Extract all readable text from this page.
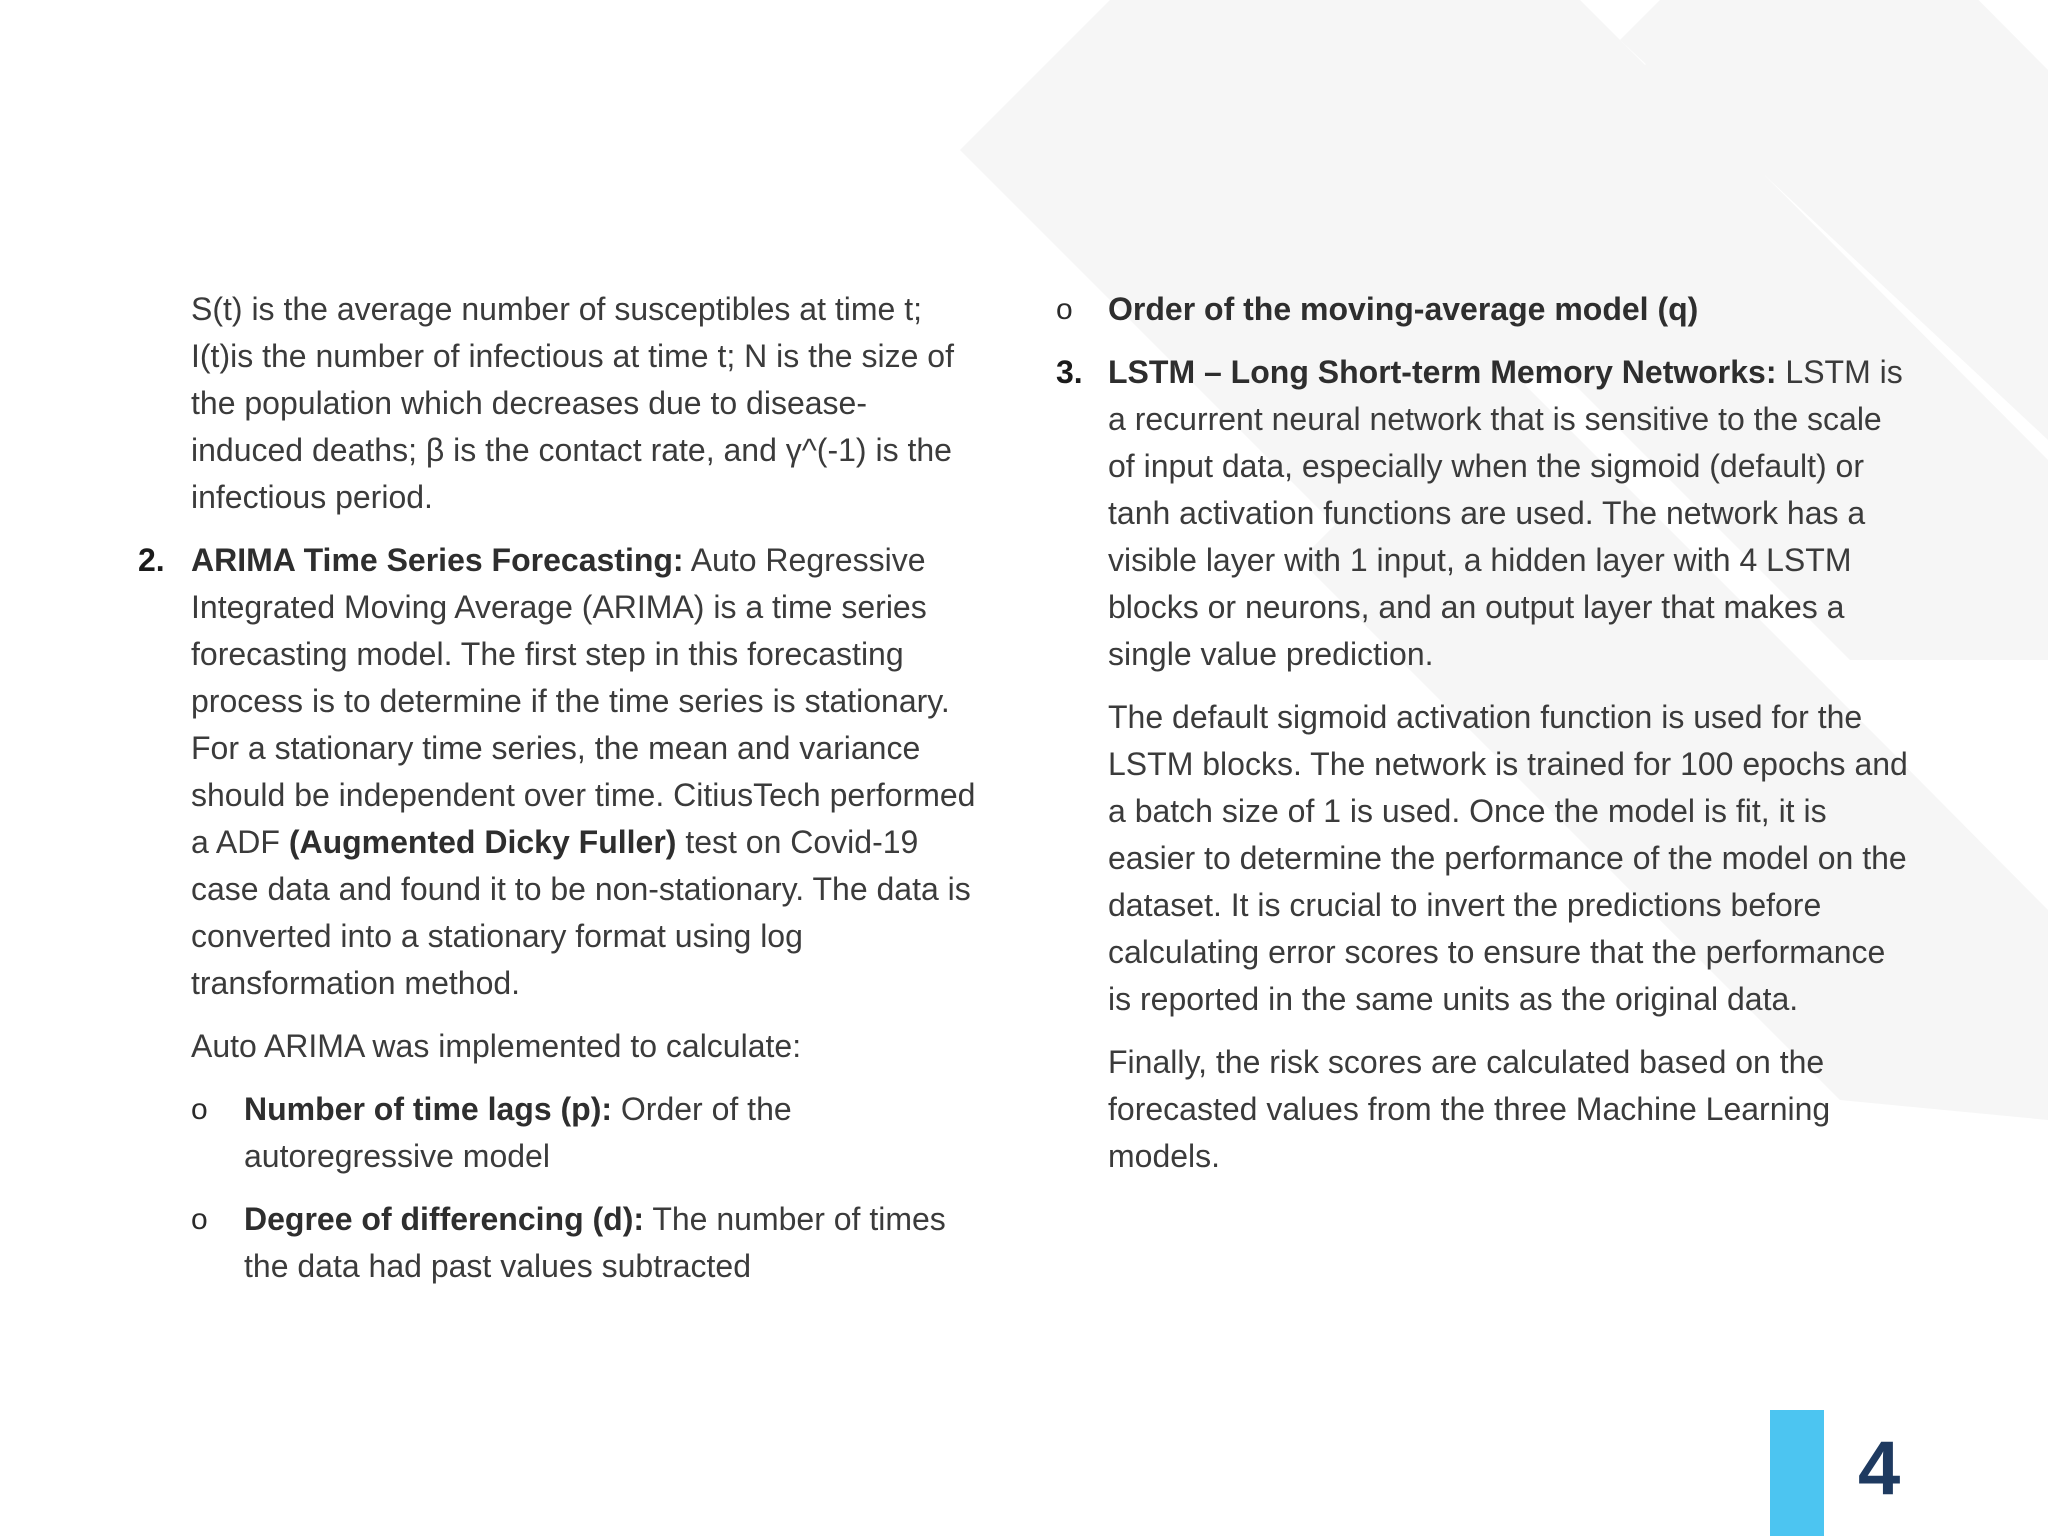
S(t) is the average number of susceptibles at time t; I(t)is the number of infectious at time t; N is the size of the population which decreases due to disease-induced deaths; β is the contact rate, and γ^(-1) is the infectious period.

2. ARIMA Time Series Forecasting: Auto Regressive Integrated Moving Average (ARIMA) is a time series forecasting model. The first step in this forecasting process is to determine if the time series is stationary. For a stationary time series, the mean and variance should be independent over time. CitiusTech performed a ADF (Augmented Dicky Fuller) test on Covid-19 case data and found it to be non-stationary. The data is converted into a stationary format using log transformation method.

Auto ARIMA was implemented to calculate:

o Number of time lags (p): Order of the autoregressive model
o Degree of differencing (d): The number of times the data had past values subtracted
o Order of the moving-average model (q)
3. LSTM – Long Short-term Memory Networks: LSTM is a recurrent neural network that is sensitive to the scale of input data, especially when the sigmoid (default) or tanh activation functions are used. The network has a visible layer with 1 input, a hidden layer with 4 LSTM blocks or neurons, and an output layer that makes a single value prediction.

The default sigmoid activation function is used for the LSTM blocks. The network is trained for 100 epochs and a batch size of 1 is used. Once the model is fit, it is easier to determine the performance of the model on the dataset. It is crucial to invert the predictions before calculating error scores to ensure that the performance is reported in the same units as the original data.

Finally, the risk scores are calculated based on the forecasted values from the three Machine Learning models.

4
